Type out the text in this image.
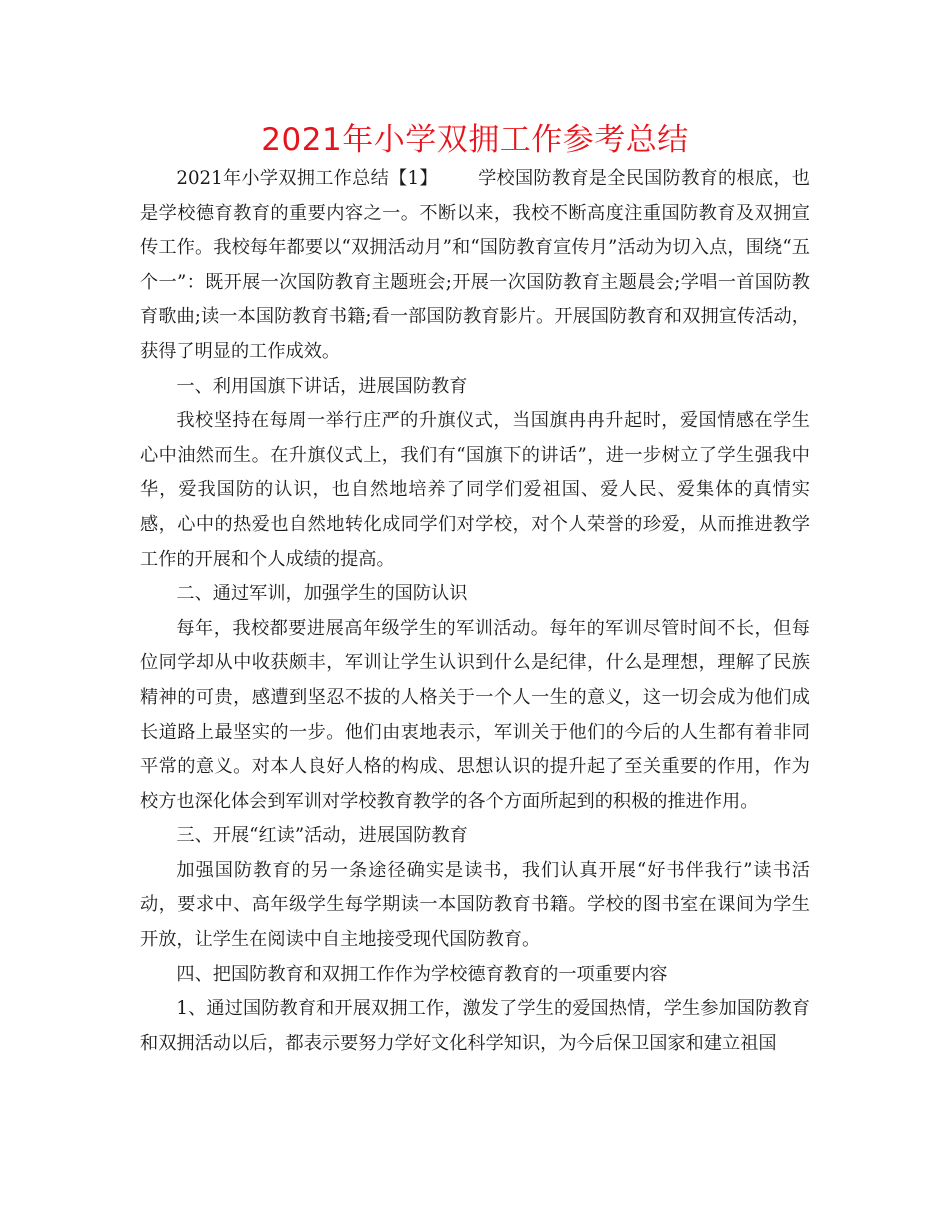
2021年小学双拥工作参考总结

2021年小学双拥工作总结【1】 学校国防教育是全民国防教育的根底，也是学校德育教育的重要内容之一。不断以来，我校不断高度注重国防教育及双拥宣传工作。我校每年都要以“双拥活动月”和“国防教育宣传月”活动为切入点，围绕“五个一”：既开展一次国防教育主题班会;开展一次国防教育主题晨会;学唱一首国防教育歌曲;读一本国防教育书籍;看一部国防教育影片。开展国防教育和双拥宣传活动，获得了明显的工作成效。

一、利用国旗下讲话，进展国防教育

我校坚持在每周一举行庄严的升旗仪式，当国旗冉冉升起时，爱国情感在学生心中油然而生。在升旗仪式上，我们有“国旗下的讲话”，进一步树立了学生强我中华，爱我国防的认识，也自然地培养了同学们爱祖国、爱人民、爱集体的真情实感，心中的热爱也自然地转化成同学们对学校，对个人荣誉的珍爱，从而推进教学工作的开展和个人成绩的提高。

二、通过军训，加强学生的国防认识

每年，我校都要进展高年级学生的军训活动。每年的军训尽管时间不长，但每位同学却从中收获颇丰，军训让学生认识到什么是纪律，什么是理想，理解了民族精神的可贵，感遭到坚忍不拔的人格关于一个人一生的意义，这一切会成为他们成长道路上最坚实的一步。他们由衷地表示，军训关于他们的今后的人生都有着非同平常的意义。对本人良好人格的构成、思想认识的提升起了至关重要的作用，作为校方也深化体会到军训对学校教育教学的各个方面所起到的积极的推进作用。

三、开展“红读”活动，进展国防教育

加强国防教育的另一条途径确实是读书，我们认真开展“好书伴我行”读书活动，要求中、高年级学生每学期读一本国防教育书籍。学校的图书室在课间为学生开放，让学生在阅读中自主地接受现代国防教育。

四、把国防教育和双拥工作作为学校德育教育的一项重要内容

1、通过国防教育和开展双拥工作，激发了学生的爱国热情，学生参加国防教育和双拥活动以后，都表示要努力学好文化科学知识，为今后保卫国家和建立祖国
